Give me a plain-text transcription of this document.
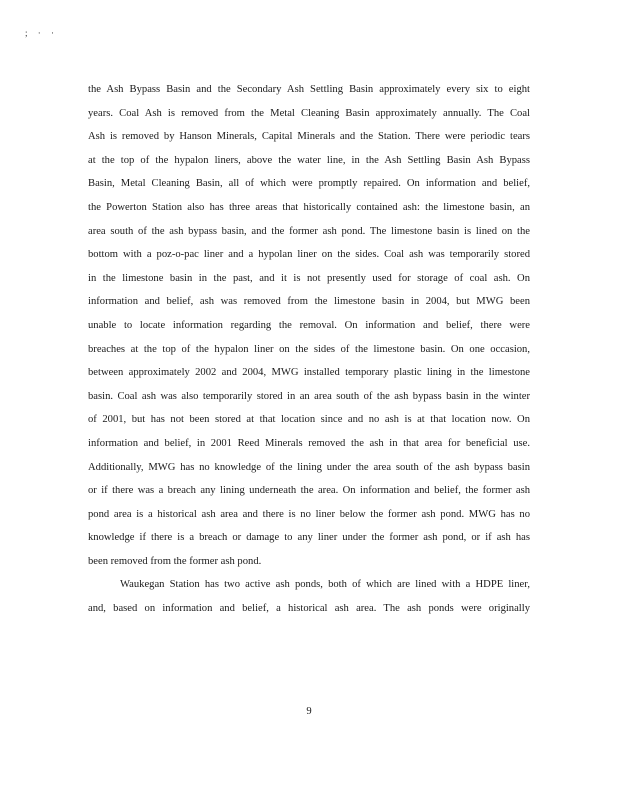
; · ·
the Ash Bypass Basin and the Secondary Ash Settling Basin approximately every six to eight
years. Coal Ash is removed from the Metal Cleaning Basin approximately annually. The Coal
Ash is removed by Hanson Minerals, Capital Minerals and the Station. There were periodic tears
at the top of the hypalon liners, above the water line, in the Ash Settling Basin Ash Bypass
Basin, Metal Cleaning Basin, all of which were promptly repaired. On information and belief,
the Powerton Station also has three areas that historically contained ash: the limestone basin, an
area south of the ash bypass basin, and the former ash pond. The limestone basin is lined on the
bottom with a poz-o-pac liner and a hypolan liner on the sides. Coal ash was temporarily stored
in the limestone basin in the past, and it is not presently used for storage of coal ash. On
information and belief, ash was removed from the limestone basin in 2004, but MWG been
unable to locate information regarding the removal. On information and belief, there were
breaches at the top of the hypalon liner on the sides of the limestone basin. On one occasion,
between approximately 2002 and 2004, MWG installed temporary plastic lining in the limestone
basin. Coal ash was also temporarily stored in an area south of the ash bypass basin in the winter
of 2001, but has not been stored at that location since and no ash is at that location now. On
information and belief, in 2001 Reed Minerals removed the ash in that area for beneficial use.
Additionally, MWG has no knowledge of the lining under the area south of the ash bypass basin
or if there was a breach any lining underneath the area. On information and belief, the former ash
pond area is a historical ash area and there is no liner below the former ash pond. MWG has no
knowledge if there is a breach or damage to any liner under the former ash pond, or if ash has
been removed from the former ash pond.
Waukegan Station has two active ash ponds, both of which are lined with a HDPE liner,
and, based on information and belief, a historical ash area. The ash ponds were originally
9
